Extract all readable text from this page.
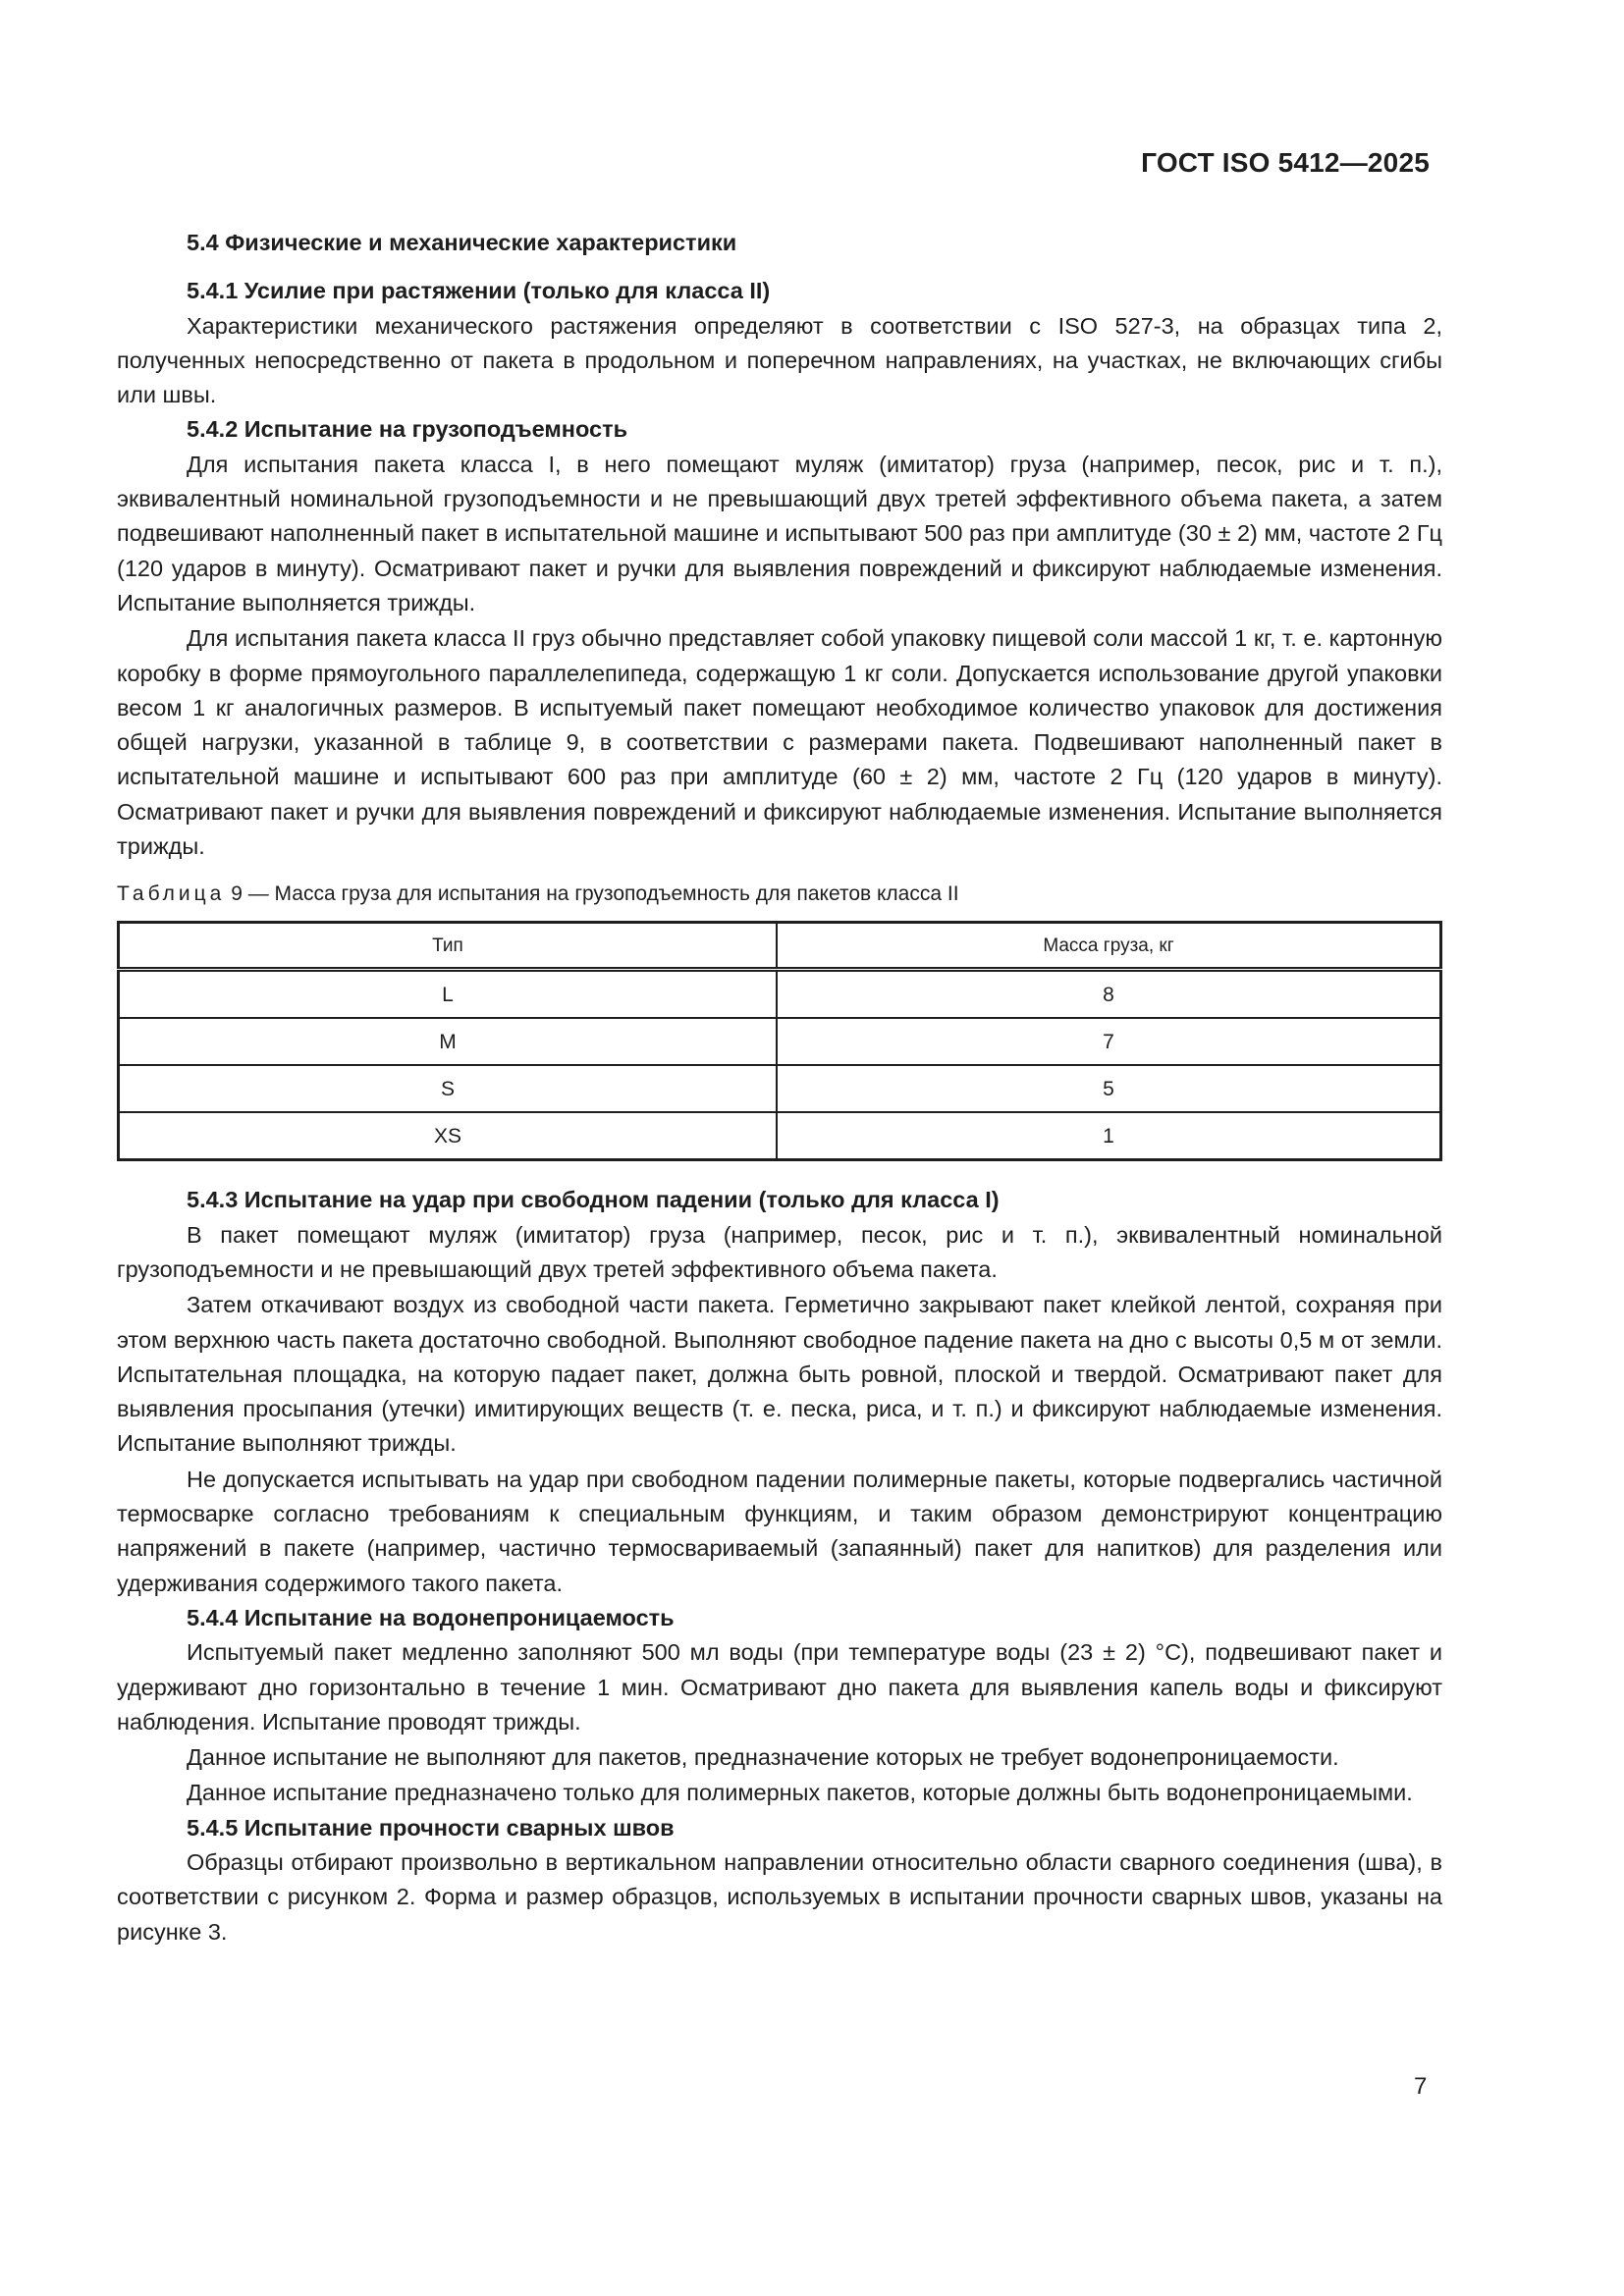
ГОСТ ISO 5412—2025
5.4 Физические и механические характеристики
5.4.1 Усилие при растяжении (только для класса II)

Характеристики механического растяжения определяют в соответствии с ISO 527-3, на образцах типа 2, полученных непосредственно от пакета в продольном и поперечном направлениях, на участках, не включающих сгибы или швы.

5.4.2 Испытание на грузоподъемность

Для испытания пакета класса I, в него помещают муляж (имитатор) груза (например, песок, рис и т. п.), эквивалентный номинальной грузоподъемности и не превышающий двух третей эффективного объема пакета, а затем подвешивают наполненный пакет в испытательной машине и испытывают 500 раз при амплитуде (30 ± 2) мм, частоте 2 Гц (120 ударов в минуту). Осматривают пакет и ручки для выявления повреждений и фиксируют наблюдаемые изменения. Испытание выполняется трижды.

Для испытания пакета класса II груз обычно представляет собой упаковку пищевой соли массой 1 кг, т. е. картонную коробку в форме прямоугольного параллелепипеда, содержащую 1 кг соли. Допускается использование другой упаковки весом 1 кг аналогичных размеров. В испытуемый пакет помещают необходимое количество упаковок для достижения общей нагрузки, указанной в таблице 9, в соответствии с размерами пакета. Подвешивают наполненный пакет в испытательной машине и испытывают 600 раз при амплитуде (60 ± 2) мм, частоте 2 Гц (120 ударов в минуту). Осматривают пакет и ручки для выявления повреждений и фиксируют наблюдаемые изменения. Испытание выполняется трижды.

Таблица 9 — Масса груза для испытания на грузоподъемность для пакетов класса II
Тип	Масса груза, кг
L	8
M	7
S	5
XS	1
5.4.3 Испытание на удар при свободном падении (только для класса I)

В пакет помещают муляж (имитатор) груза (например, песок, рис и т. п.), эквивалентный номинальной грузоподъемности и не превышающий двух третей эффективного объема пакета.

Затем откачивают воздух из свободной части пакета. Герметично закрывают пакет клейкой лентой, сохраняя при этом верхнюю часть пакета достаточно свободной. Выполняют свободное падение пакета на дно с высоты 0,5 м от земли. Испытательная площадка, на которую падает пакет, должна быть ровной, плоской и твердой. Осматривают пакет для выявления просыпания (утечки) имитирующих веществ (т. е. песка, риса, и т. п.) и фиксируют наблюдаемые изменения. Испытание выполняют трижды.

Не допускается испытывать на удар при свободном падении полимерные пакеты, которые подвергались частичной термосварке согласно требованиям к специальным функциям, и таким образом демонстрируют концентрацию напряжений в пакете (например, частично термосвариваемый (запаянный) пакет для напитков) для разделения или удерживания содержимого такого пакета.

5.4.4 Испытание на водонепроницаемость

Испытуемый пакет медленно заполняют 500 мл воды (при температуре воды (23 ± 2) °С), подвешивают пакет и удерживают дно горизонтально в течение 1 мин. Осматривают дно пакета для выявления капель воды и фиксируют наблюдения. Испытание проводят трижды.

Данное испытание не выполняют для пакетов, предназначение которых не требует водонепроницаемости.

Данное испытание предназначено только для полимерных пакетов, которые должны быть водонепроницаемыми.

5.4.5 Испытание прочности сварных швов

Образцы отбирают произвольно в вертикальном направлении относительно области сварного соединения (шва), в соответствии с рисунком 2. Форма и размер образцов, используемых в испытании прочности сварных швов, указаны на рисунке 3.

7
